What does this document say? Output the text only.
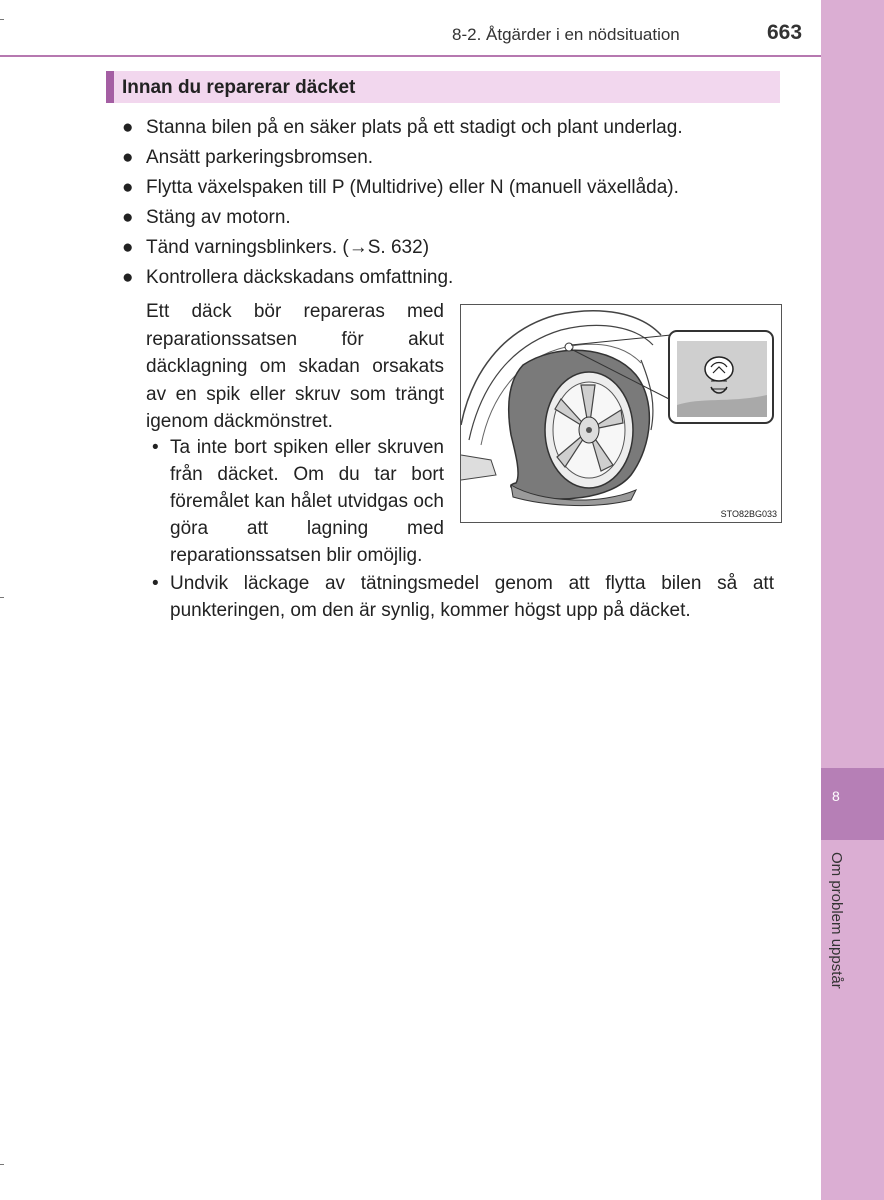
8-2. Åtgärder i en nödsituation	663
8
Om problem uppstår
Innan du reparerar däcket
● Stanna bilen på en säker plats på ett stadigt och plant underlag.
● Ansätt parkeringsbromsen.
● Flytta växelspaken till P (Multidrive) eller N (manuell växellåda).
● Stäng av motorn.
● Tänd varningsblinkers. (→S. 632)
● Kontrollera däckskadans omfattning.

Ett däck bör repareras med reparationssatsen för akut däcklagning om skadan orsakats av en spik eller skruv som trängt igenom däckmönstret.

• Ta inte bort spiken eller skruven från däcket. Om du tar bort föremålet kan hålet utvidgas och göra att lagning med reparationssatsen blir omöjlig.
• Undvik läckage av tätningsmedel genom att flytta bilen så att punkteringen, om den är synlig, kommer högst upp på däcket.
STO82BG033
